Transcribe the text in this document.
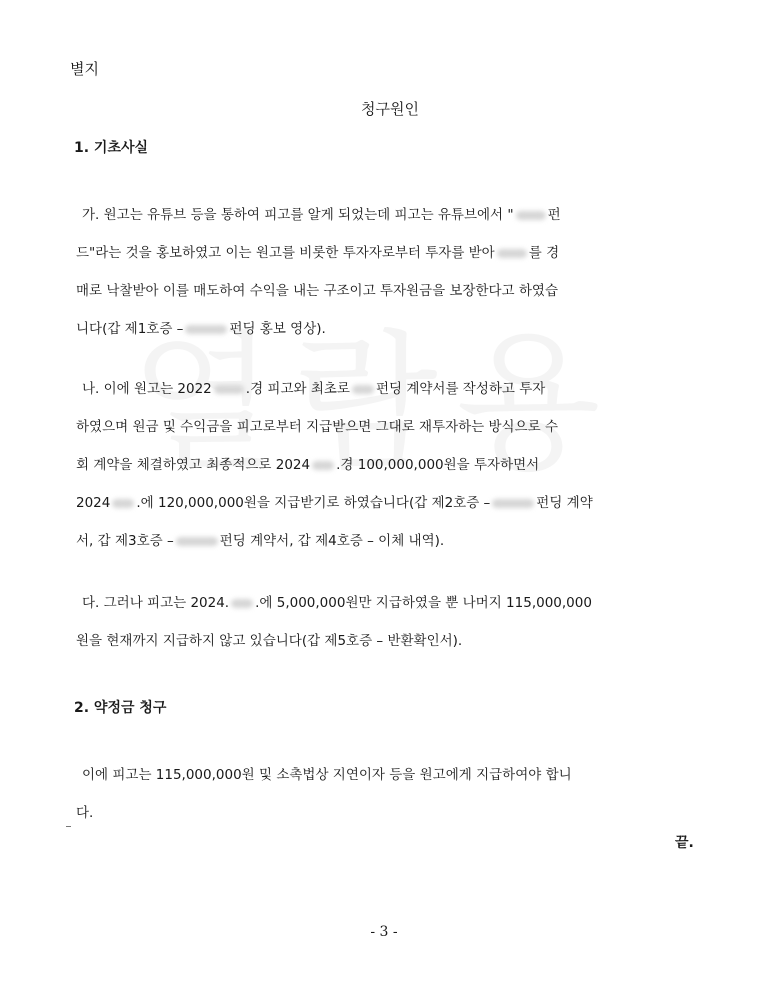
별지
청구원인
1. 기초사실
가. 원고는 유튜브 등을 통하여 피고를 알게 되었는데 피고는 유튜브에서 "	펀
드"라는 것을 홍보하였고 이는 원고를 비롯한 투자자로부터 투자를 받아	를 경
매로 낙찰받아 이를 매도하여 수익을 내는 구조이고 투자원금을 보장한다고 하였습
니다(갑 제1호증 –	펀딩 홍보 영상).
나. 이에 원고는 2022	.경 피고와 최초로 펀딩 계약서를 작성하고 투자
하였으며 원금 및 수익금을 피고로부터 지급받으면 그대로 재투자하는 방식으로 수
회 계약을 체결하였고 최종적으로 2024 .경 100,000,000원을 투자하면서
2024 .에 120,000,000원을 지급받기로 하였습니다(갑 제2호증 –	펀딩 계약
서, 갑 제3호증 –	펀딩 계약서, 갑 제4호증 – 이체 내역).
다. 그러나 피고는 2024. .에 5,000,000원만 지급하였을 뿐 나머지 115,000,000
원을 현재까지 지급하지 않고 있습니다(갑 제5호증 – 반환확인서).
2. 약정금 청구
이에 피고는 115,000,000원 및 소촉법상 지연이자 등을 원고에게 지급하여야 합니
다.
끝.
- 3 -
